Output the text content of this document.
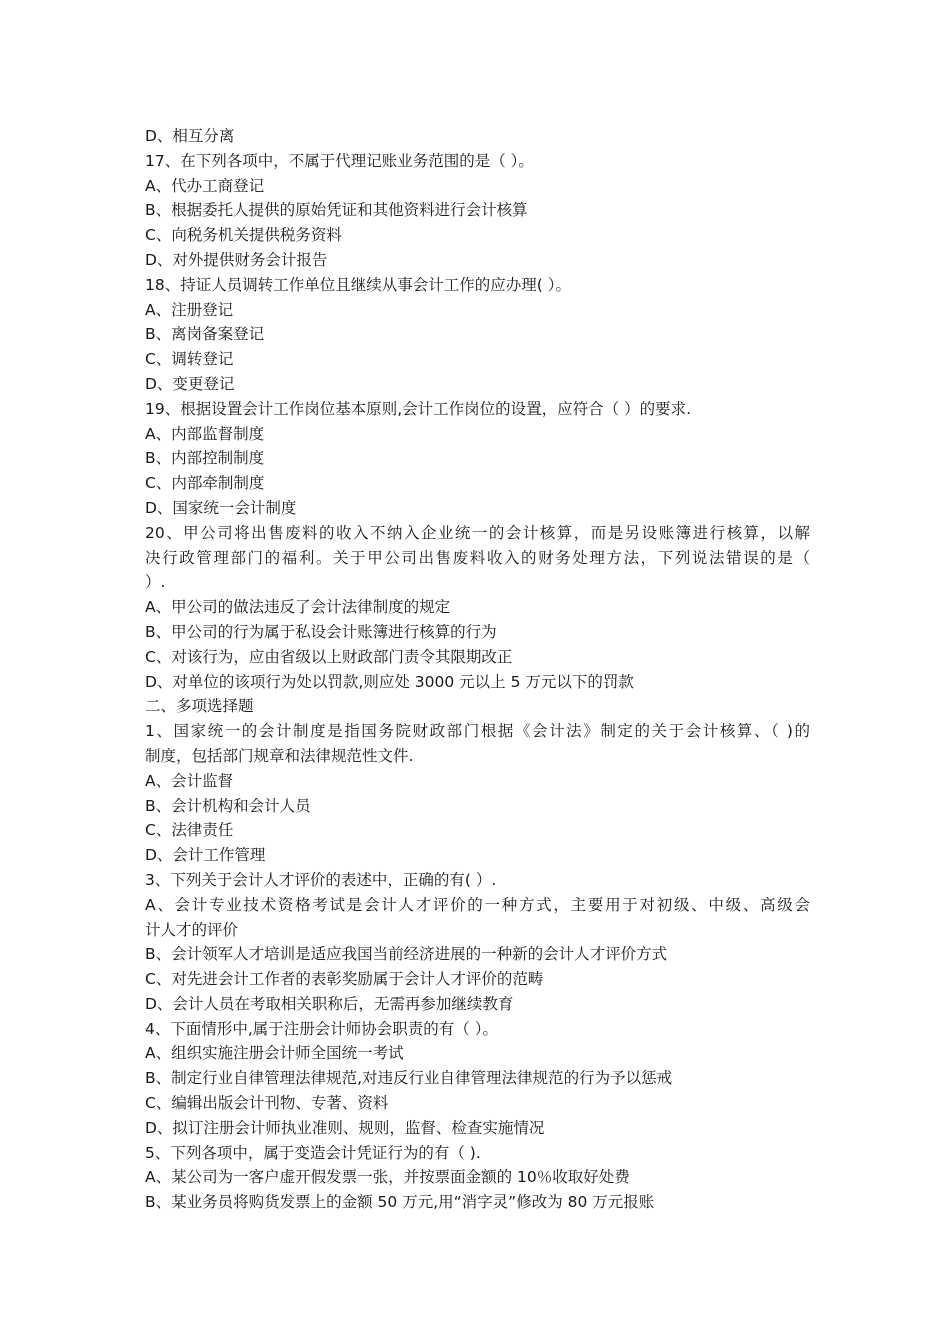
D、相互分离
17、在下列各项中，不属于代理记账业务范围的是（ ）。
A、代办工商登记
B、根据委托人提供的原始凭证和其他资料进行会计核算
C、向税务机关提供税务资料
D、对外提供财务会计报告
18、持证人员调转工作单位且继续从事会计工作的应办理( ）。
A、注册登记
B、离岗备案登记
C、调转登记
D、变更登记
19、根据设置会计工作岗位基本原则,会计工作岗位的设置，应符合（ ）的要求.
A、内部监督制度
B、内部控制制度
C、内部牵制制度
D、国家统一会计制度
20、甲公司将出售废料的收入不纳入企业统一的会计核算，而是另设账簿进行核算，以解
决行政管理部门的福利。关于甲公司出售废料收入的财务处理方法，下列说法错误的是（
）.
A、甲公司的做法违反了会计法律制度的规定
B、甲公司的行为属于私设会计账簿进行核算的行为
C、对该行为，应由省级以上财政部门责令其限期改正
D、对单位的该项行为处以罚款,则应处 3000 元以上 5 万元以下的罚款
二、多项选择题
1、国家统一的会计制度是指国务院财政部门根据《会计法》制定的关于会计核算、（ )的
制度，包括部门规章和法律规范性文件.
A、会计监督
B、会计机构和会计人员
C、法律责任
D、会计工作管理
3、下列关于会计人才评价的表述中，正确的有( ）.
A、会计专业技术资格考试是会计人才评价的一种方式，主要用于对初级、中级、高级会
计人才的评价
B、会计领军人才培训是适应我国当前经济进展的一种新的会计人才评价方式
C、对先进会计工作者的表彰奖励属于会计人才评价的范畴
D、会计人员在考取相关职称后，无需再参加继续教育
4、下面情形中,属于注册会计师协会职责的有（ ）。
A、组织实施注册会计师全国统一考试
B、制定行业自律管理法律规范,对违反行业自律管理法律规范的行为予以惩戒
C、编辑出版会计刊物、专著、资料
D、拟订注册会计师执业准则、规则，监督、检查实施情况
5、下列各项中，属于变造会计凭证行为的有（ ).
A、某公司为一客户虚开假发票一张，并按票面金额的 10％收取好处费
B、某业务员将购货发票上的金额 50 万元,用“消字灵”修改为 80 万元报账
